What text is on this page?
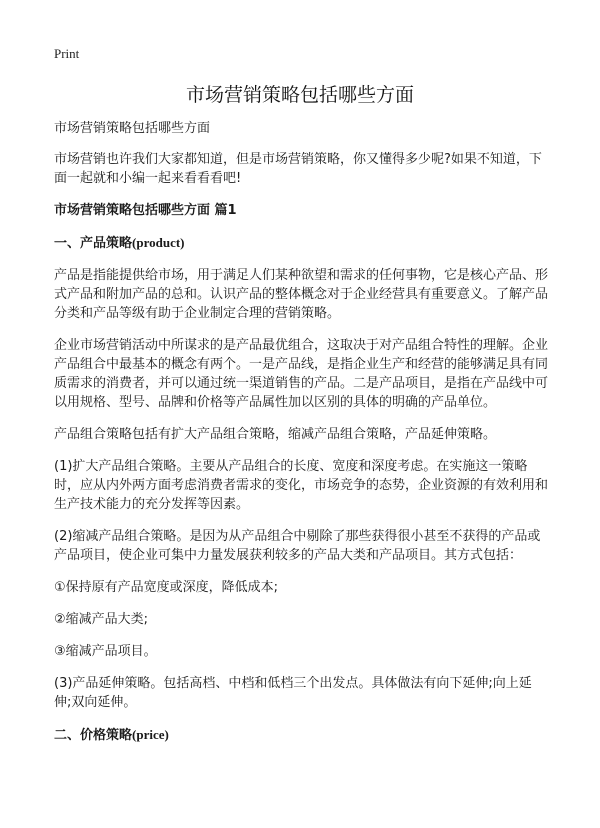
Print
市场营销策略包括哪些方面

市场营销策略包括哪些方面

市场营销也许我们大家都知道，但是市场营销策略，你又懂得多少呢?如果不知道，下面一起就和小编一起来看看看吧!

市场营销策略包括哪些方面 篇1

一、产品策略(product)

产品是指能提供给市场，用于满足人们某种欲望和需求的任何事物，它是核心产品、形式产品和附加产品的总和。认识产品的整体概念对于企业经营具有重要意义。了解产品分类和产品等级有助于企业制定合理的营销策略。

企业市场营销活动中所谋求的是产品最优组合，这取决于对产品组合特性的理解。企业产品组合中最基本的概念有两个。一是产品线，是指企业生产和经营的能够满足具有同质需求的消费者，并可以通过统一渠道销售的产品。二是产品项目，是指在产品线中可以用规格、型号、品牌和价格等产品属性加以区别的具体的明确的产品单位。

产品组合策略包括有扩大产品组合策略，缩减产品组合策略，产品延伸策略。

(1)扩大产品组合策略。主要从产品组合的长度、宽度和深度考虑。在实施这一策略时，应从内外两方面考虑消费者需求的变化，市场竞争的态势，企业资源的有效利用和生产技术能力的充分发挥等因素。

(2)缩减产品组合策略。是因为从产品组合中剔除了那些获得很小甚至不获得的产品或产品项目，使企业可集中力量发展获利较多的产品大类和产品项目。其方式包括：

①保持原有产品宽度或深度，降低成本;

②缩减产品大类;

③缩减产品项目。

(3)产品延伸策略。包括高档、中档和低档三个出发点。具体做法有向下延伸;向上延伸;双向延伸。

二、价格策略(price)
